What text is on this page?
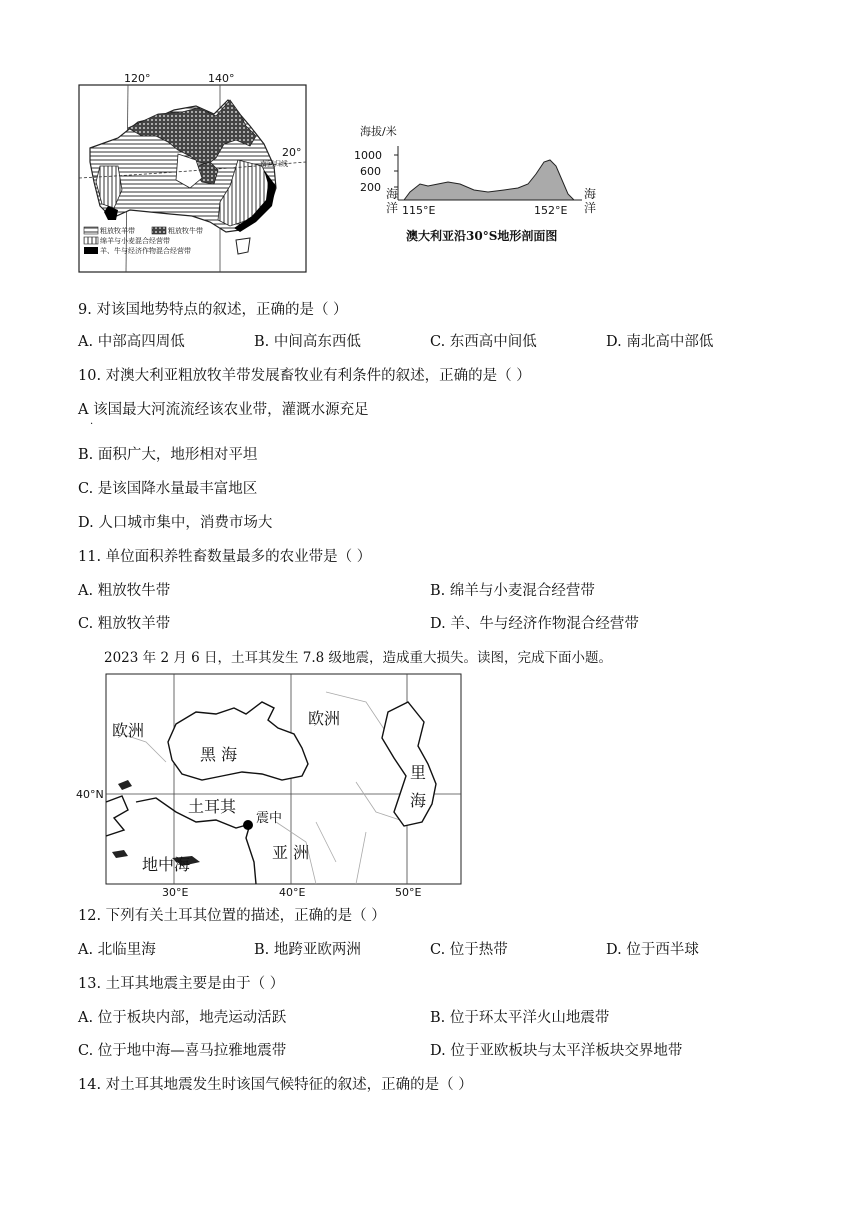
120°	140°
20°
南回归线
粗放牧羊带	粗放牧牛带
绵羊与小麦混合经营带
羊、牛与经济作物混合经营带
海拔/米
1000
600
200 海
洋
海
洋
115°E	152°E
澳大利亚沿30°S地形剖面图
9. 对该国地势特点的叙述，正确的是（ ）
A. 中部高四周低	B. 中间高东西低	C. 东西高中间低	D. 南北高中部低
10. 对澳大利亚粗放牧羊带发展畜牧业有利条件的叙述，正确的是（ ）
A 该国最大河流流经该农业带，灌溉水源充足
.
B. 面积广大，地形相对平坦
C. 是该国降水量最丰富地区
D. 人口城市集中，消费市场大
11. 单位面积养牲畜数量最多的农业带是（ ）
A. 粗放牧牛带	B. 绵羊与小麦混合经营带
C. 粗放牧羊带	D. 羊、牛与经济作物混合经营带
2023 年 2 月 6 日，土耳其发生 7.8 级地震，造成重大损失。读图，完成下面小题。
欧洲
欧洲
黑 海
里
海
土耳其
震中
亚 洲
地中海
40°N
30°E	40°E	50°E
12. 下列有关土耳其位置的描述，正确的是（ ）
A. 北临里海	B. 地跨亚欧两洲	C. 位于热带	D. 位于西半球
13. 土耳其地震主要是由于（ ）
A. 位于板块内部，地壳运动活跃	B. 位于环太平洋火山地震带
C. 位于地中海—喜马拉雅地震带	D. 位于亚欧板块与太平洋板块交界地带
14. 对土耳其地震发生时该国气候特征的叙述，正确的是（ ）
